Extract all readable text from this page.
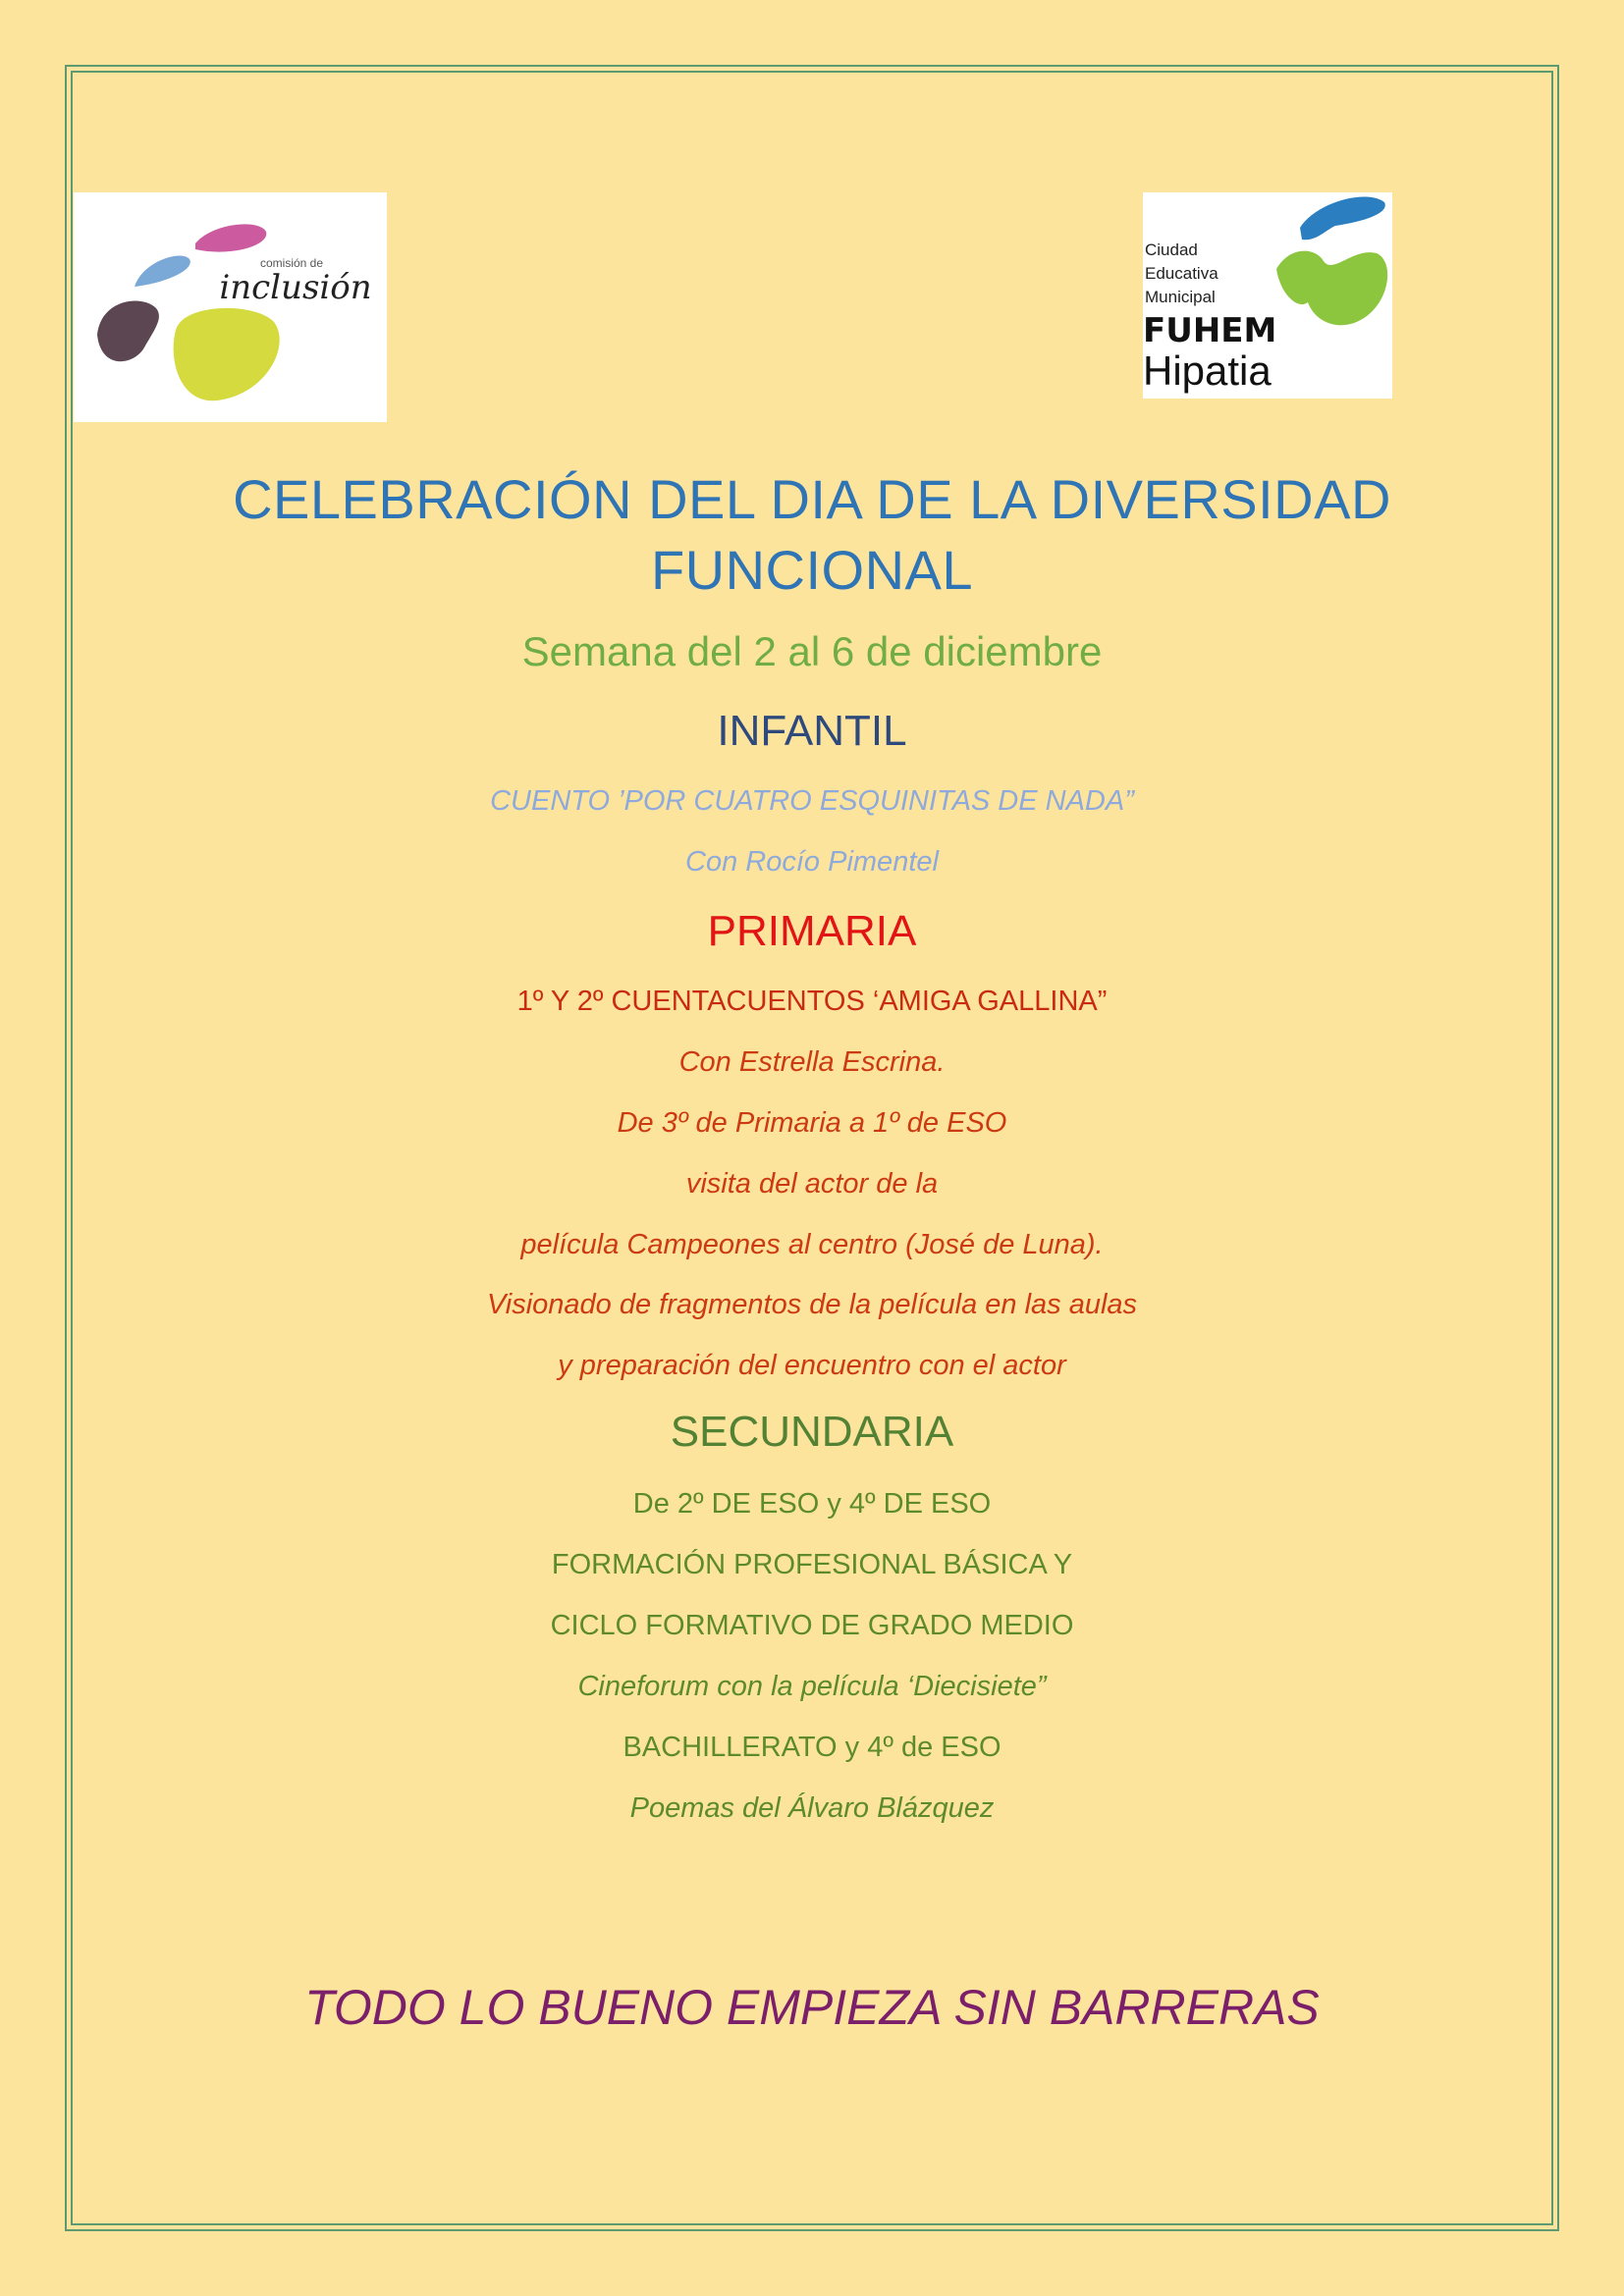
comisión de
inclusión
Ciudad
Educativa
Municipal
FUHEM
Hipatia

CELEBRACIÓN DEL DIA DE LA DIVERSIDAD

FUNCIONAL

Semana del 2 al 6 de diciembre

INFANTIL

CUENTO ’POR CUATRO ESQUINITAS DE NADA”

Con Rocío Pimentel

PRIMARIA

1º Y 2º CUENTACUENTOS ‘AMIGA GALLINA”

Con Estrella Escrina.

De 3º de Primaria a 1º de ESO

visita del actor de la

película Campeones al centro (José de Luna).

Visionado de fragmentos de la película en las aulas

y preparación del encuentro con el actor

SECUNDARIA

De 2º DE ESO y 4º DE ESO

FORMACIÓN PROFESIONAL BÁSICA Y

CICLO FORMATIVO DE GRADO MEDIO

Cineforum con la película ‘Diecisiete”

BACHILLERATO y 4º de ESO

Poemas del Álvaro Blázquez

TODO LO BUENO EMPIEZA SIN BARRERAS
